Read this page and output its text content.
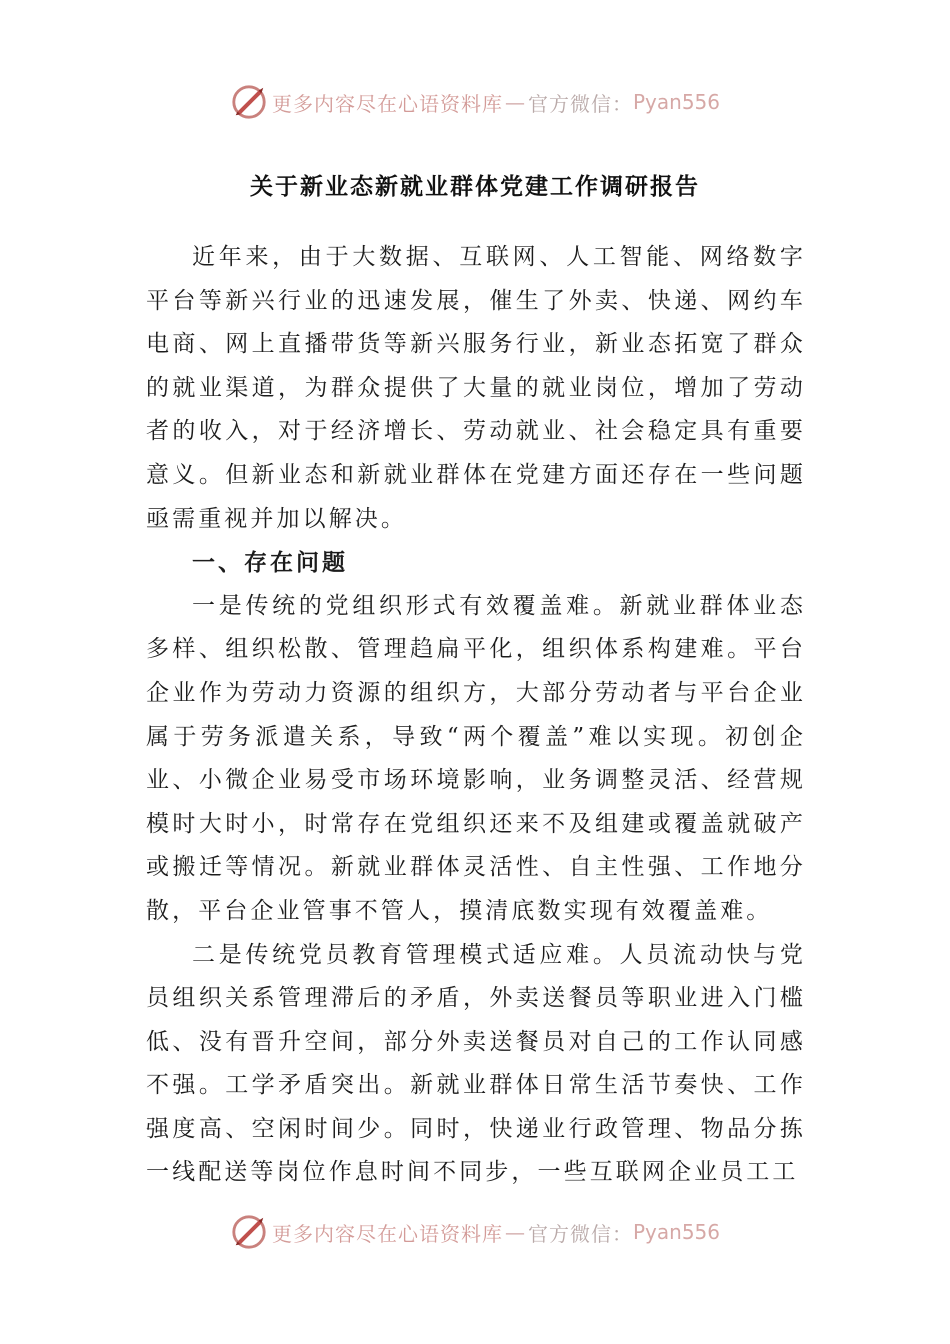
更多内容尽在心语资料库 — 官方微信： Pyan556
关于新业态新就业群体党建工作调研报告

近年来，由于大数据、互联网、人工智能、网络数字平台等新兴行业的迅速发展，催生了外卖、快递、网约车电商、网上直播带货等新兴服务行业，新业态拓宽了群众的就业渠道，为群众提供了大量的就业岗位，增加了劳动者的收入，对于经济增长、劳动就业、社会稳定具有重要意义。但新业态和新就业群体在党建方面还存在一些问题亟需重视并加以解决。

一、存在问题

一是传统的党组织形式有效覆盖难。新就业群体业态多样、组织松散、管理趋扁平化，组织体系构建难。平台企业作为劳动力资源的组织方，大部分劳动者与平台企业属于劳务派遣关系，导致“两个覆盖”难以实现。初创企业、小微企业易受市场环境影响，业务调整灵活、经营规模时大时小，时常存在党组织还来不及组建或覆盖就破产或搬迁等情况。新就业群体灵活性、自主性强、工作地分散，平台企业管事不管人，摸清底数实现有效覆盖难。

二是传统党员教育管理模式适应难。人员流动快与党员组织关系管理滞后的矛盾，外卖送餐员等职业进入门槛低、没有晋升空间，部分外卖送餐员对自己的工作认同感不强。工学矛盾突出。新就业群体日常生活节奏快、工作强度高、空闲时间少。同时，快递业行政管理、物品分拣一线配送等岗位作息时间不同步，一些互联网企业员工工

更多内容尽在心语资料库 — 官方微信： Pyan556
